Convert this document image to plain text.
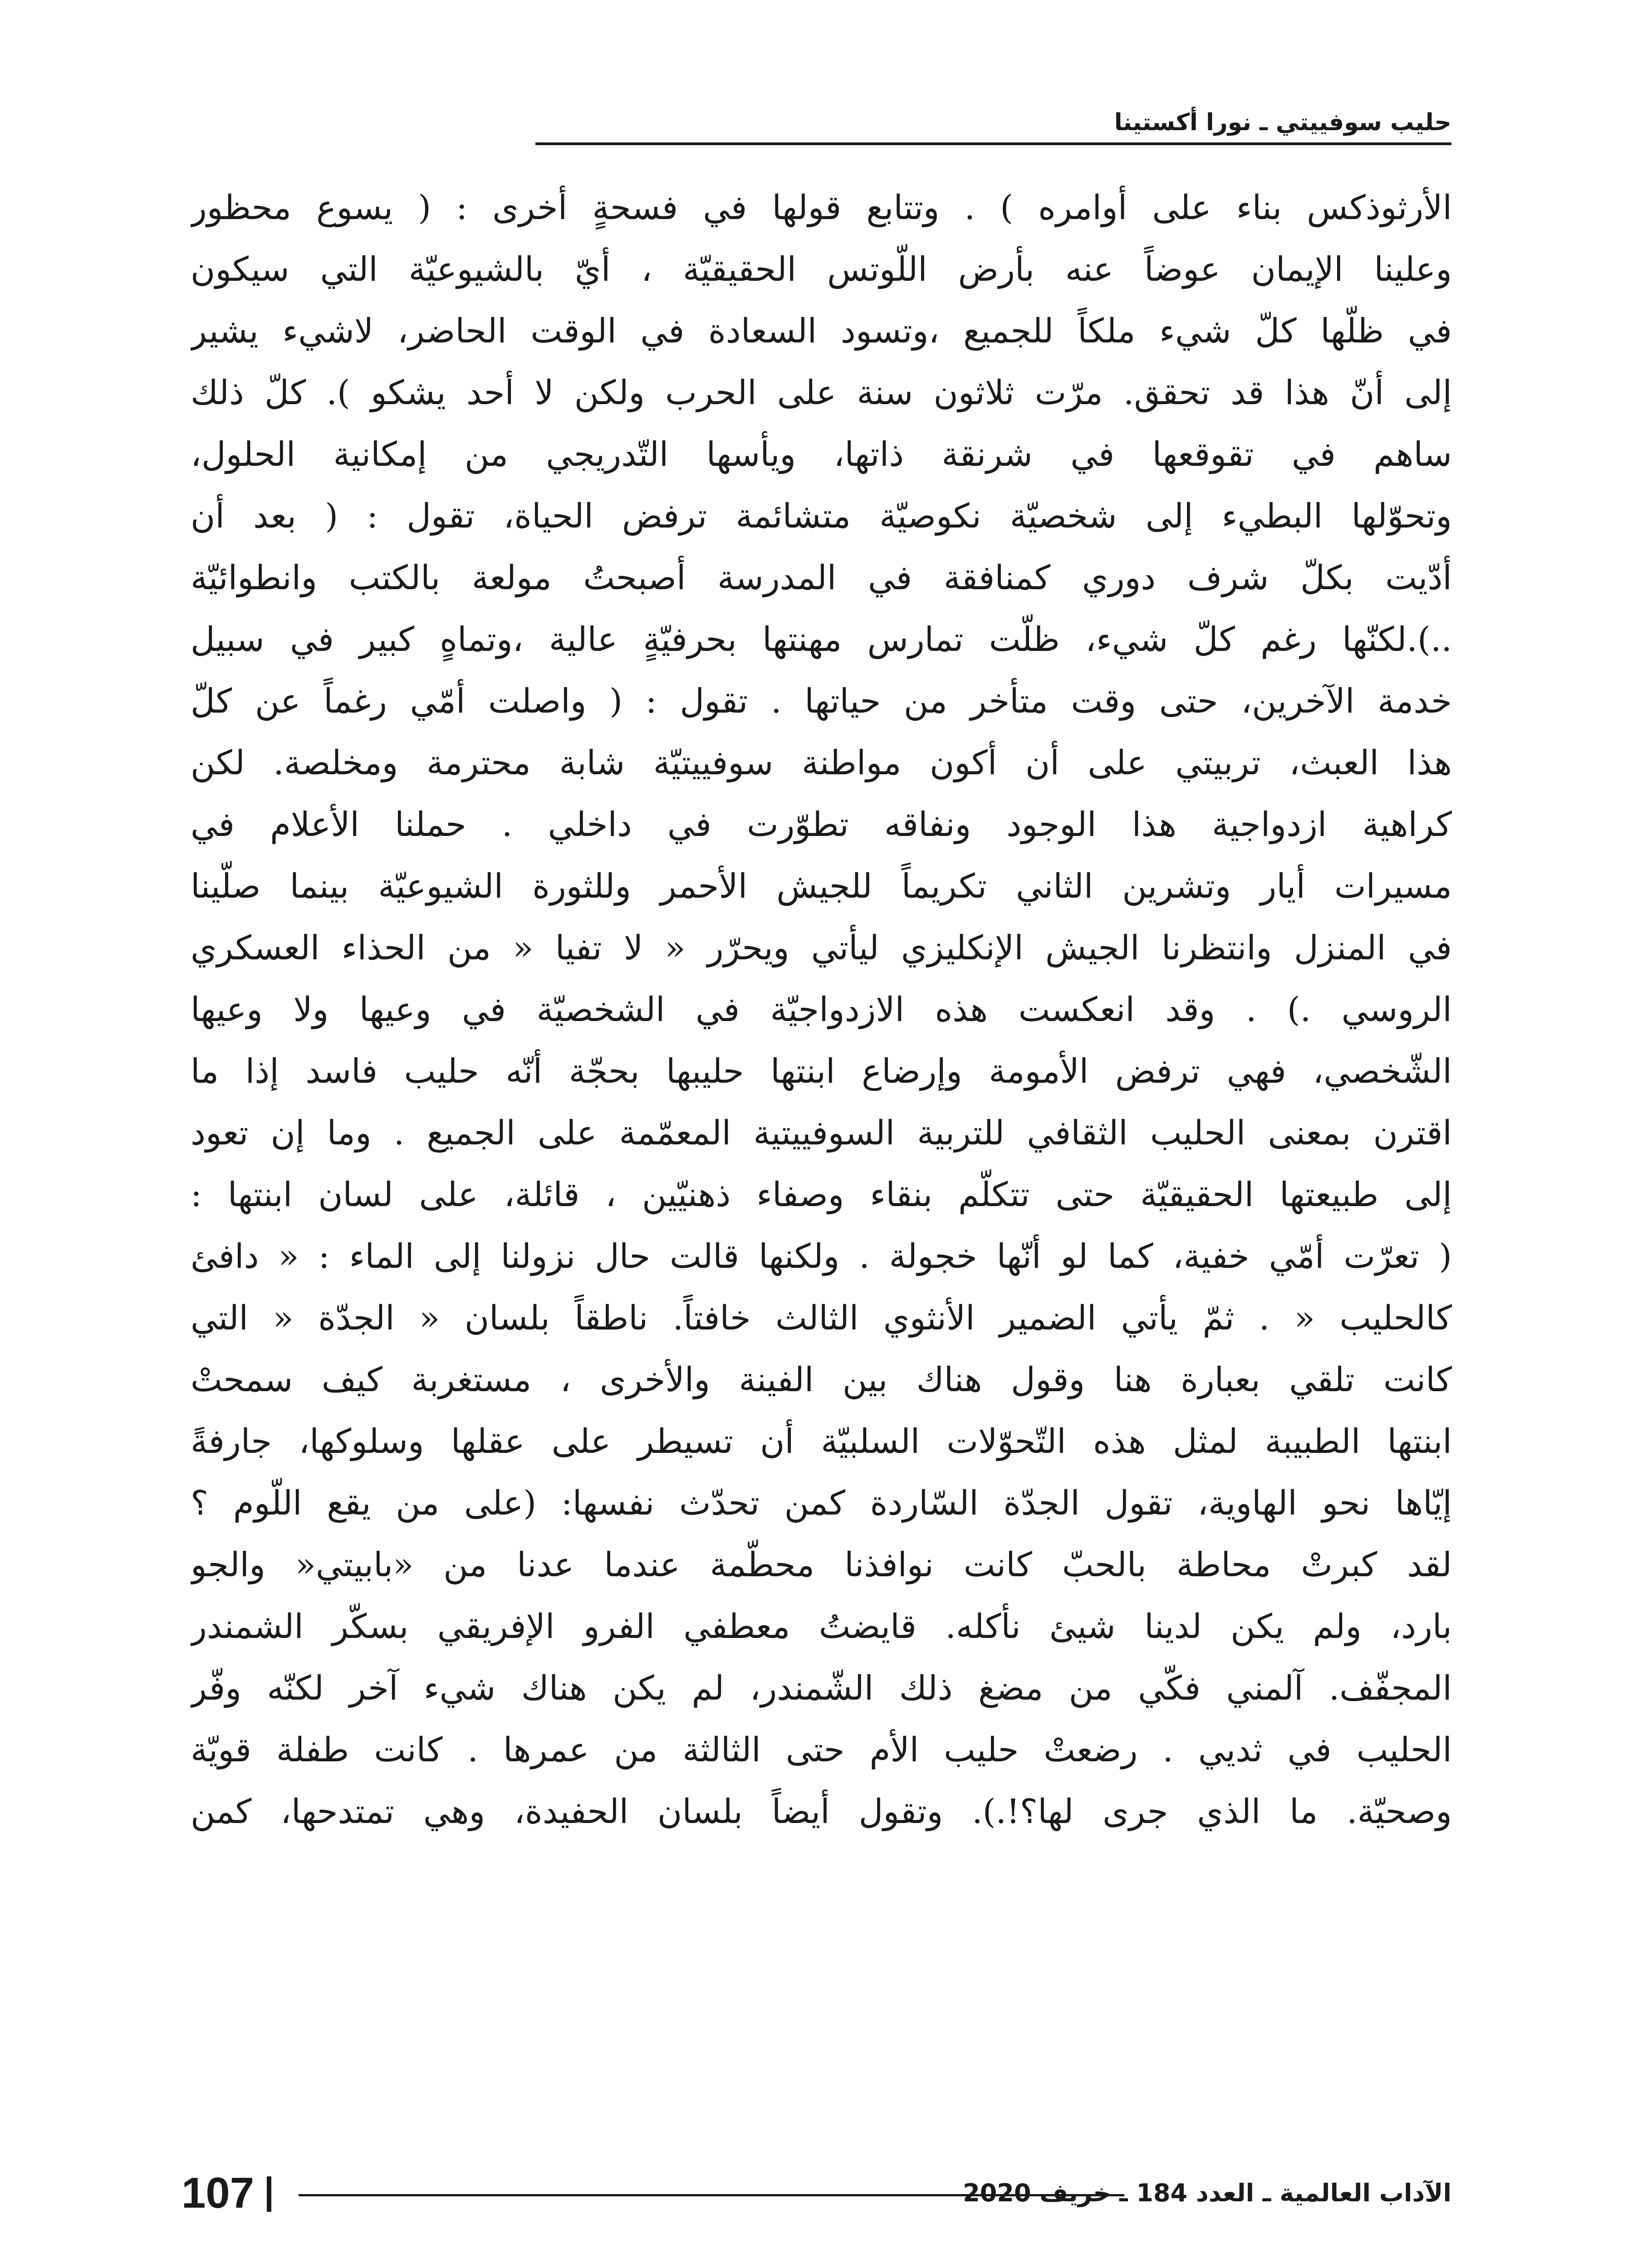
حليب سوفييتي ـ نورا أكستينا
الأرثوذكس بناء على أوامره ) . وتتابع قولها في فسحةٍ أخرى : ( يسوع محظور
وعلينا الإيمان عوضاً عنه بأرض اللّوتس الحقيقيّة ، أيّ بالشيوعيّة التي سيكون
في ظلّها كلّ شيء ملكاً للجميع ،وتسود السعادة في الوقت الحاضر، لاشيء يشير
إلى أنّ هذا قد تحقق. مرّت ثلاثون سنة على الحرب ولكن لا أحد يشكو ). كلّ ذلك
ساهم في تقوقعها في شرنقة ذاتها، ويأسها التّدريجي من إمكانية الحلول،
وتحوّلها البطيء إلى شخصيّة نكوصيّة متشائمة ترفض الحياة، تقول : ( بعد أن
أدّيت بكلّ شرف دوري كمنافقة في المدرسة أصبحتُ مولعة بالكتب وانطوائيّة
..).لكنّها رغم كلّ شيء، ظلّت تمارس مهنتها بحرفيّةٍ عالية ،وتماهٍ كبير في سبيل
خدمة الآخرين، حتى وقت متأخر من حياتها . تقول : ( واصلت أمّي رغماً عن كلّ
هذا العبث، تربيتي على أن أكون مواطنة سوفييتيّة شابة محترمة ومخلصة. لكن
كراهية ازدواجية هذا الوجود ونفاقه تطوّرت في داخلي . حملنا الأعلام في
مسيرات أيار وتشرين الثاني تكريماً للجيش الأحمر وللثورة الشيوعيّة بينما صلّينا
في المنزل وانتظرنا الجيش الإنكليزي ليأتي ويحرّر « لا تفيا « من الحذاء العسكري
الروسي .) . وقد انعكست هذه الازدواجيّة في الشخصيّة في وعيها ولا وعيها
الشّخصي، فهي ترفض الأمومة وإرضاع ابنتها حليبها بحجّة أنّه حليب فاسد إذا ما
اقترن بمعنى الحليب الثقافي للتربية السوفييتية المعمّمة على الجميع . وما إن تعود
إلى طبيعتها الحقيقيّة حتى تتكلّم بنقاء وصفاء ذهنيّين ، قائلة، على لسان ابنتها :
( تعرّت أمّي خفية، كما لو أنّها خجولة . ولكنها قالت حال نزولنا إلى الماء : « دافئ
كالحليب « . ثمّ يأتي الضمير الأنثوي الثالث خافتاً. ناطقاً بلسان « الجدّة « التي
كانت تلقي بعبارة هنا وقول هناك بين الفينة والأخرى ، مستغربة كيف سمحتْ
ابنتها الطبيبة لمثل هذه التّحوّلات السلبيّة أن تسيطر على عقلها وسلوكها، جارفةً
إيّاها نحو الهاوية، تقول الجدّة السّاردة كمن تحدّث نفسها: (على من يقع اللّوم ؟
لقد كبرتْ محاطة بالحبّ كانت نوافذنا محطّمة عندما عدنا من «بابيتي« والجو
بارد، ولم يكن لدينا شيئ نأكله. قايضتُ معطفي الفرو الإفريقي بسكّر الشمندر
المجفّف. آلمني فكّي من مضغ ذلك الشّمندر، لم يكن هناك شيء آخر لكنّه وفّر
الحليب في ثديي . رضعتْ حليب الأم حتى الثالثة من عمرها . كانت طفلة قويّة
وصحيّة. ما الذي جرى لها؟!.). وتقول أيضاً بلسان الحفيدة، وهي تمتدحها، كمن
107	الآداب العالمية ـ العدد 184 ـ خريف 2020
